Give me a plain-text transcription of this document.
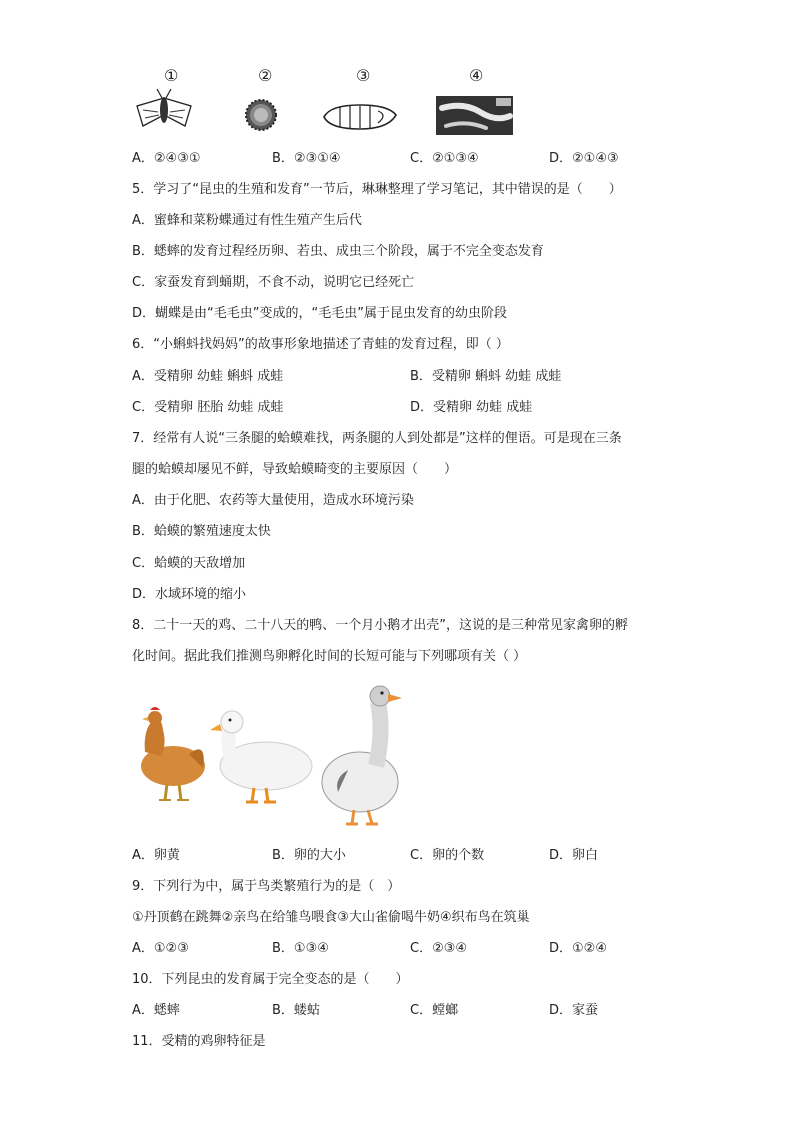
①	②	③	④
A．②④③①	B．②③①④	C．②①③④	D．②①④③
5．学习了“昆虫的生殖和发育”一节后，琳琳整理了学习笔记，其中错误的是（　　）
A．蜜蜂和菜粉蝶通过有性生殖产生后代
B．蟋蟀的发育过程经历卵、若虫、成虫三个阶段，属于不完全变态发育
C．家蚕发育到蛹期，不食不动，说明它已经死亡
D．蝴蝶是由“毛毛虫”变成的，“毛毛虫”属于昆虫发育的幼虫阶段
6．“小蝌蚪找妈妈”的故事形象地描述了青蛙的发育过程，即（ ）
A．受精卵 幼蛙 蝌蚪 成蛙	B．受精卵 蝌蚪 幼蛙 成蛙
C．受精卵 胚胎 幼蛙 成蛙	D．受精卵 幼蛙 成蛙
7．经常有人说“三条腿的蛤蟆难找，两条腿的人到处都是”这样的俚语。可是现在三条
腿的蛤蟆却屡见不鲜，导致蛤蟆畸变的主要原因（　　）
A．由于化肥、农药等大量使用，造成水环境污染
B．蛤蟆的繁殖速度太快
C．蛤蟆的天敌增加
D．水域环境的缩小
8．二十一天的鸡、二十八天的鸭、一个月小鹅才出壳”，这说的是三种常见家禽卵的孵
化时间。据此我们推测鸟卵孵化时间的长短可能与下列哪项有关（ ）
A．卵黄	B．卵的大小	C．卵的个数	D．卵白
9．下列行为中，属于鸟类繁殖行为的是（　）
①丹顶鹤在跳舞②亲鸟在给雏鸟喂食③大山雀偷喝牛奶④织布鸟在筑巢
A．①②③	B．①③④	C．②③④	D．①②④
10．下列昆虫的发育属于完全变态的是（　　）
A．蟋蟀	B．蝼蛄	C．螳螂	D．家蚕
11．受精的鸡卵特征是
